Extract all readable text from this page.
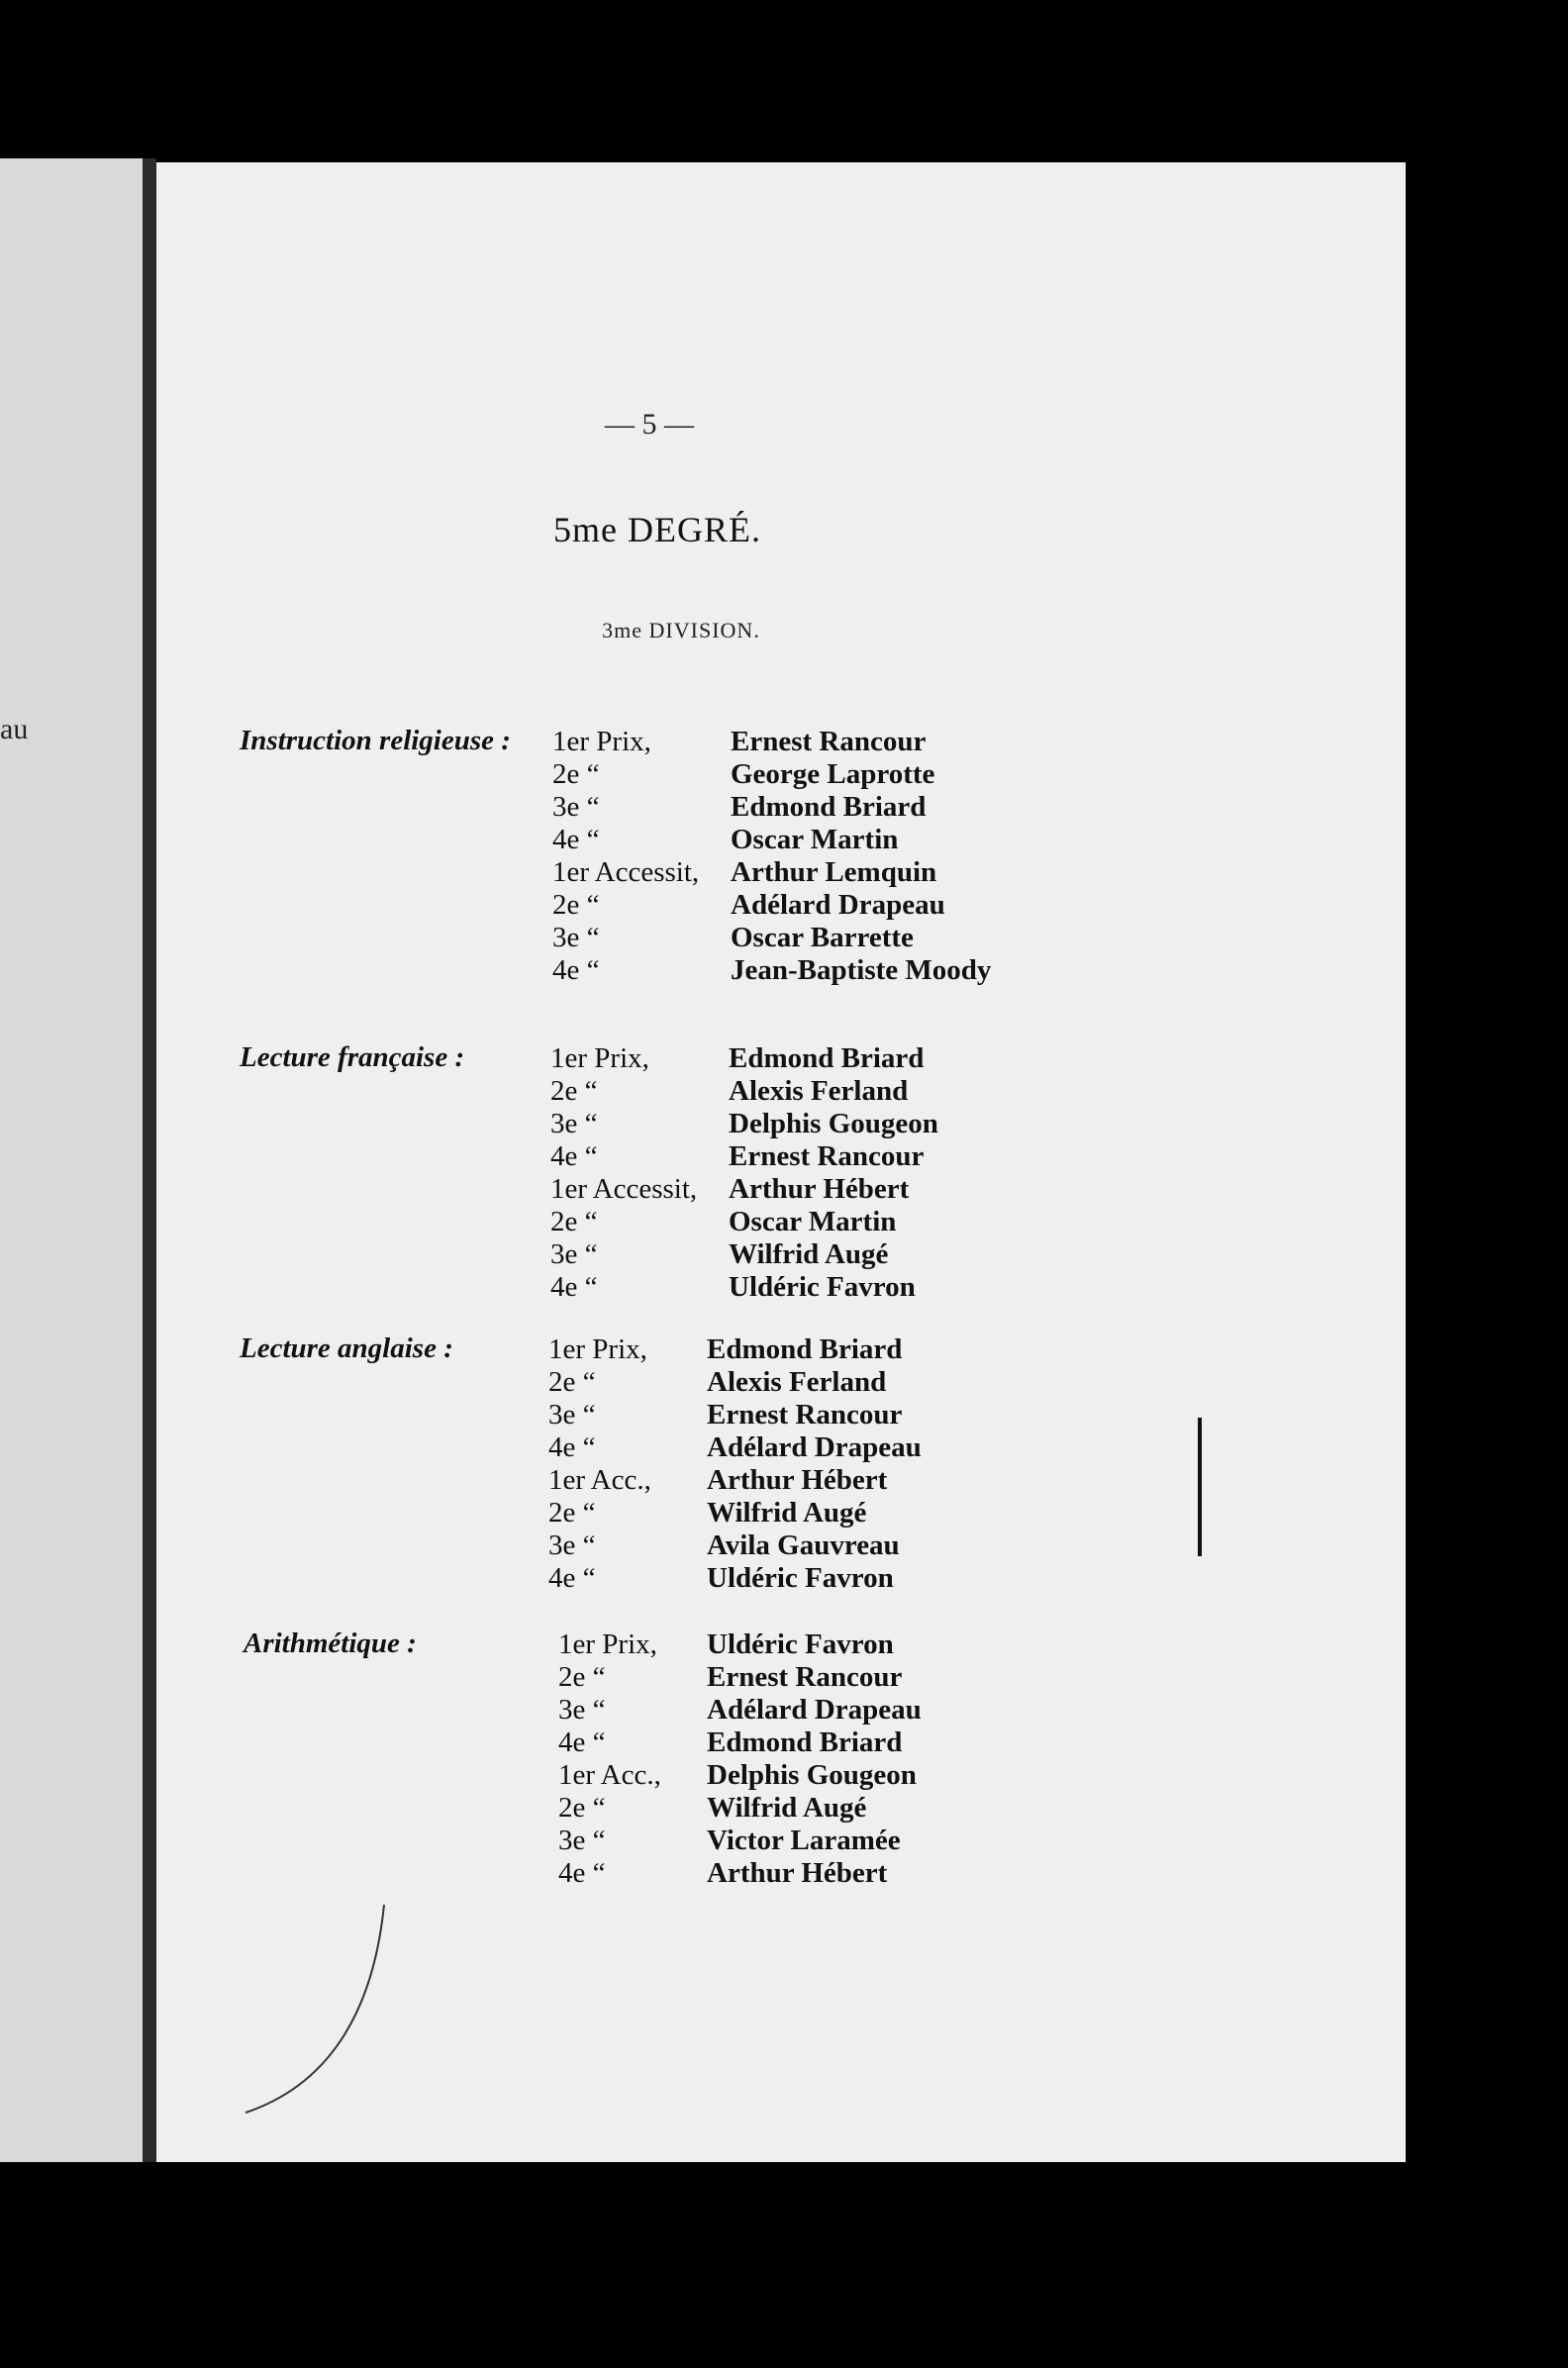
au
— 5 —
5me DEGRÉ.
3me DIVISION.
Instruction religieuse : 1er Prix,	Ernest Rancour
2e “	George Laprotte
3e “	Edmond Briard
4e “	Oscar Martin
1er Accessit, Arthur Lemquin
2e “	Adélard Drapeau
3e “	Oscar Barrette
4e “	Jean-Baptiste Moody
Lecture française :	1er Prix,	Edmond Briard
2e “	Alexis Ferland
3e “	Delphis Gougeon
4e “	Ernest Rancour
1er Accessit, Arthur Hébert
2e “	Oscar Martin
3e “	Wilfrid Augé
4e “	Uldéric Favron
Lecture anglaise :	1er Prix, Edmond Briard
2e “	Alexis Ferland
3e “	Ernest Rancour
4e “	Adélard Drapeau
1er Acc., Arthur Hébert
2e “	Wilfrid Augé
3e “	Avila Gauvreau
4e “	Uldéric Favron
Arithmétique :	1er Prix, Uldéric Favron
2e “	Ernest Rancour
3e “	Adélard Drapeau
4e “	Edmond Briard
1er Acc., Delphis Gougeon
2e “	Wilfrid Augé
3e “	Victor Laramée
4e “	Arthur Hébert
